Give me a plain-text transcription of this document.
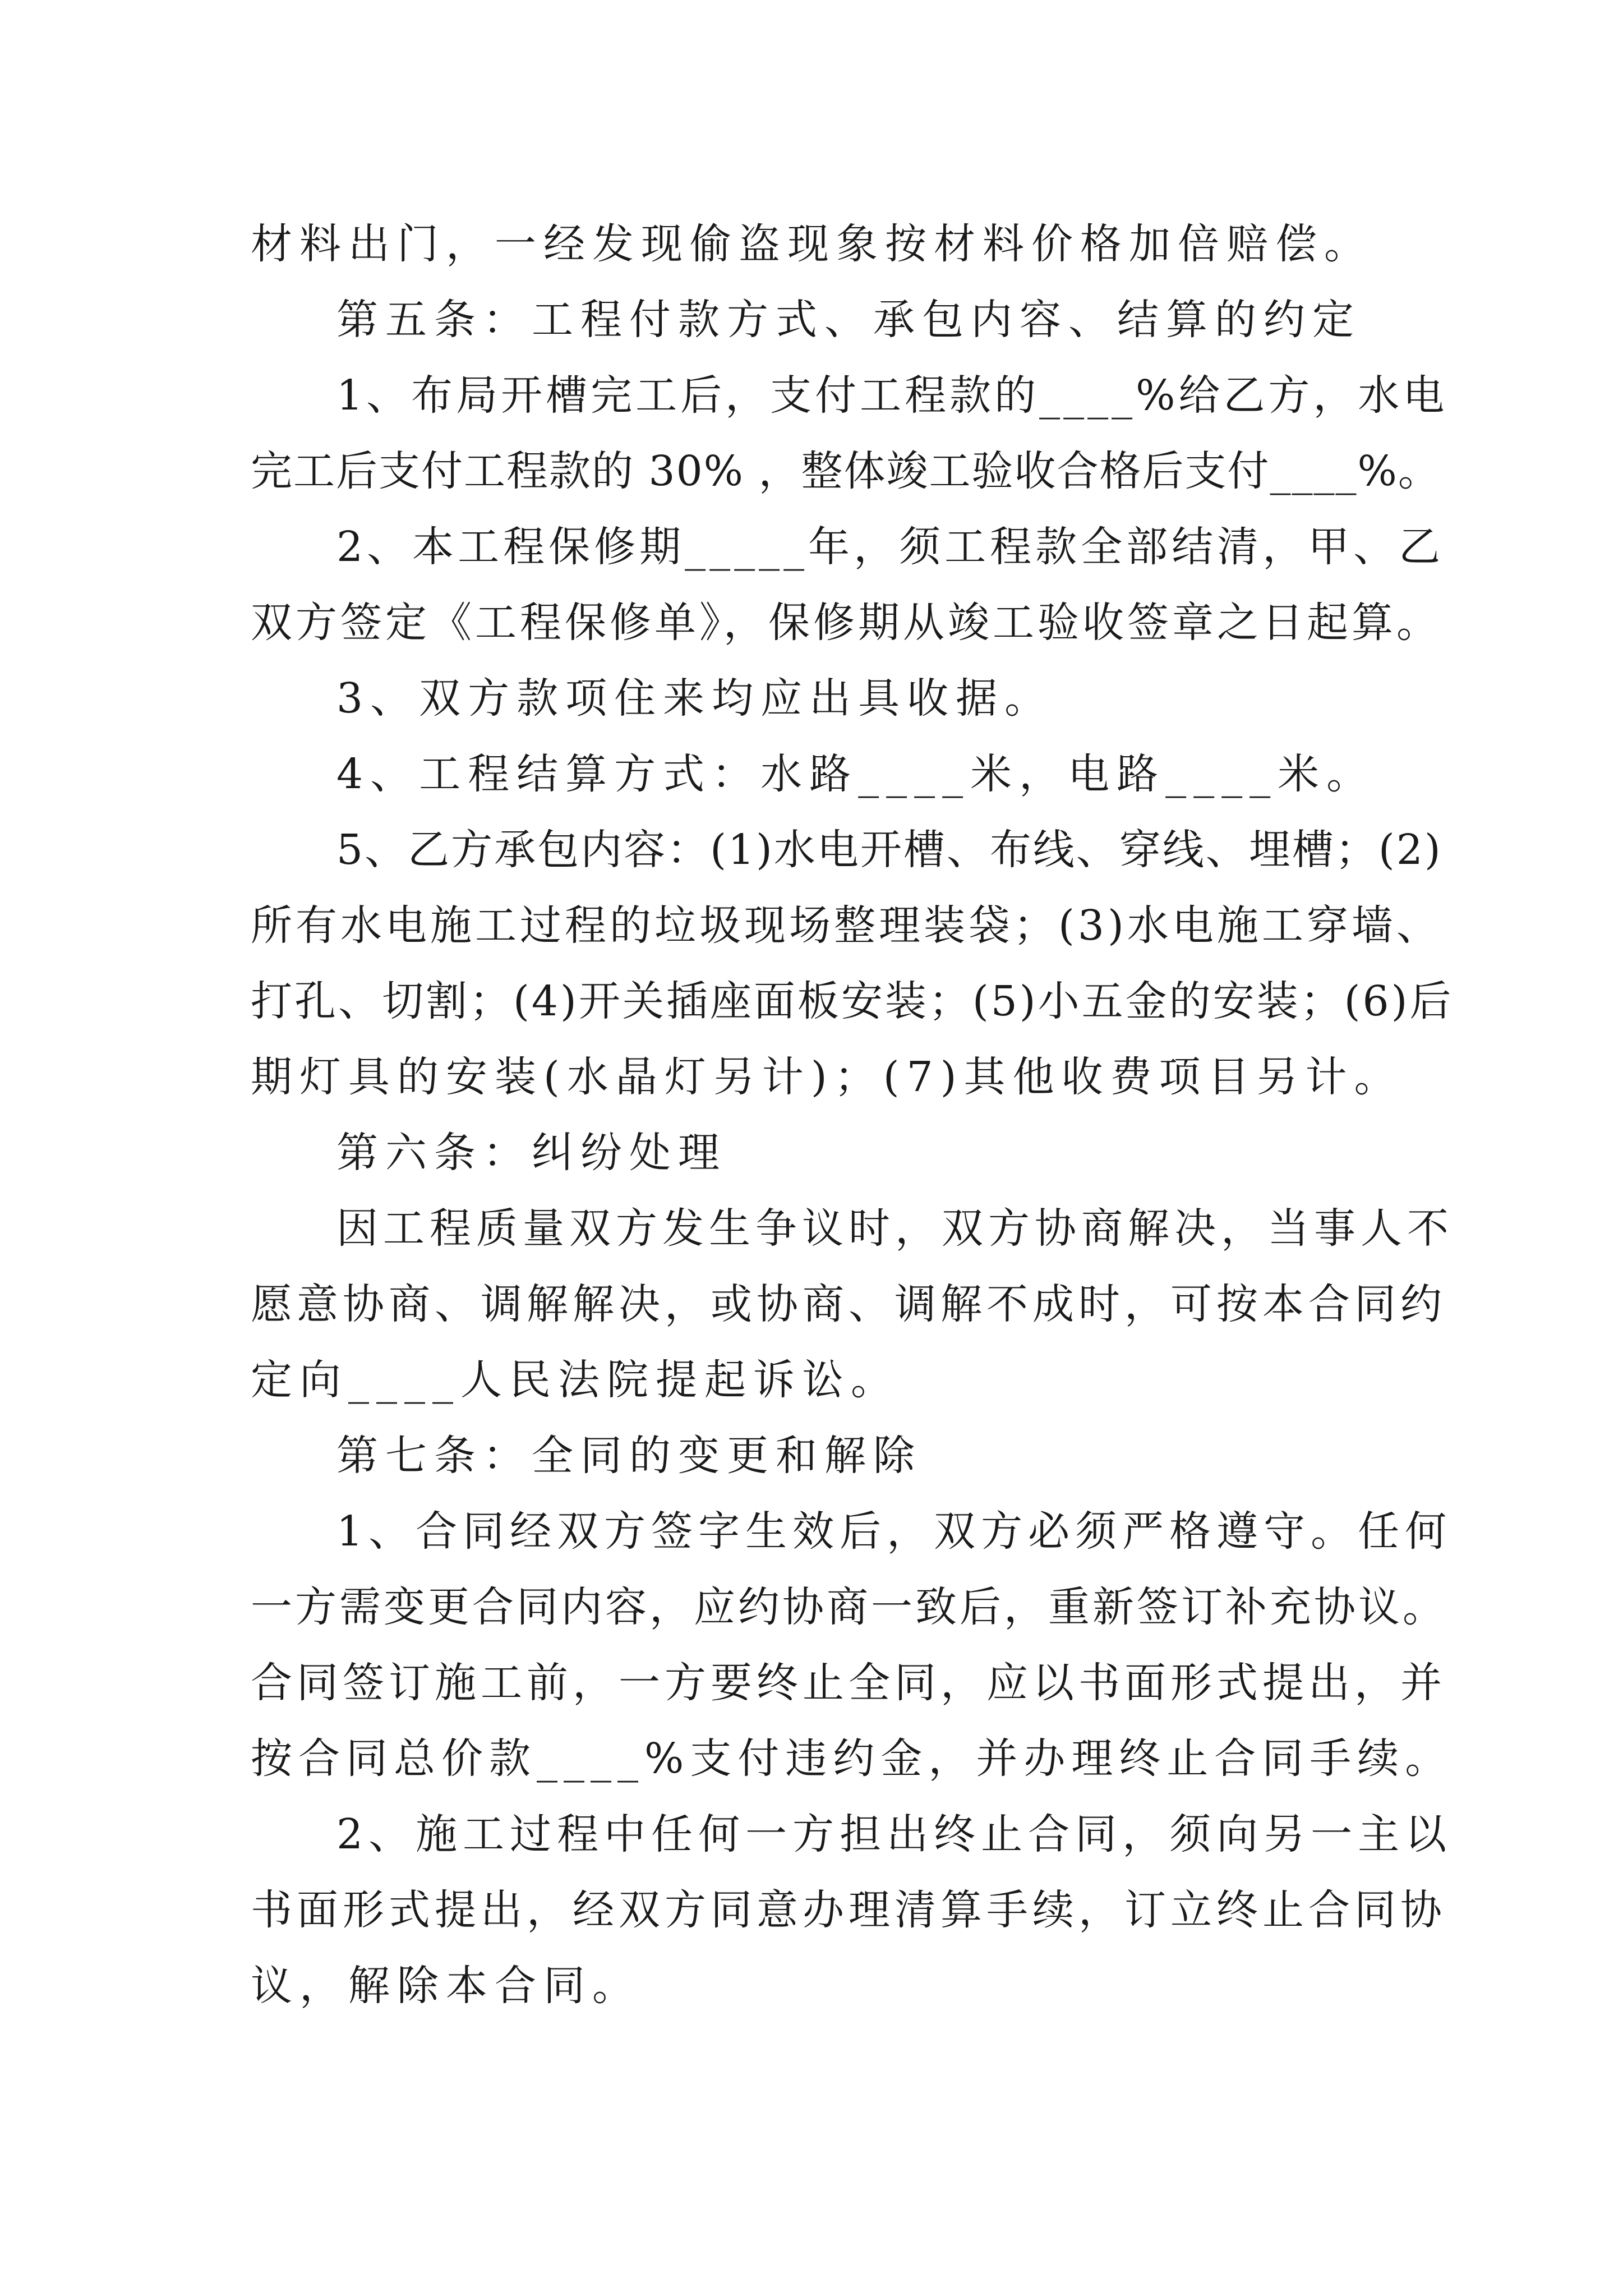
材料出门，一经发现偷盗现象按材料价格加倍赔偿。
第五条：工程付款方式、承包内容、结算的约定
1、布局开槽完工后，支付工程款的____%给乙方，水电
完工后支付工程款的 30% ，整体竣工验收合格后支付____%。
2、本工程保修期_____年，须工程款全部结清，甲、乙
双方签定《工程保修单》，保修期从竣工验收签章之日起算。
3、双方款项住来均应出具收据。
4、工程结算方式：水路____米，电路____米。
5、乙方承包内容：(1)水电开槽、布线、穿线、埋槽；(2)
所有水电施工过程的垃圾现场整理装袋；(3)水电施工穿墙、
打孔、切割；(4)开关插座面板安装；(5)小五金的安装；(6)后
期灯具的安装(水晶灯另计)；(7)其他收费项目另计。
第六条：纠纷处理
因工程质量双方发生争议时，双方协商解决，当事人不
愿意协商、调解解决，或协商、调解不成时，可按本合同约
定向____人民法院提起诉讼。
第七条：全同的变更和解除
1、合同经双方签字生效后，双方必须严格遵守。任何
一方需变更合同内容，应约协商一致后，重新签订补充协议。
合同签订施工前，一方要终止全同，应以书面形式提出，并
按合同总价款____%支付违约金，并办理终止合同手续。
2、施工过程中任何一方担出终止合同，须向另一主以
书面形式提出，经双方同意办理清算手续，订立终止合同协
议，解除本合同。
